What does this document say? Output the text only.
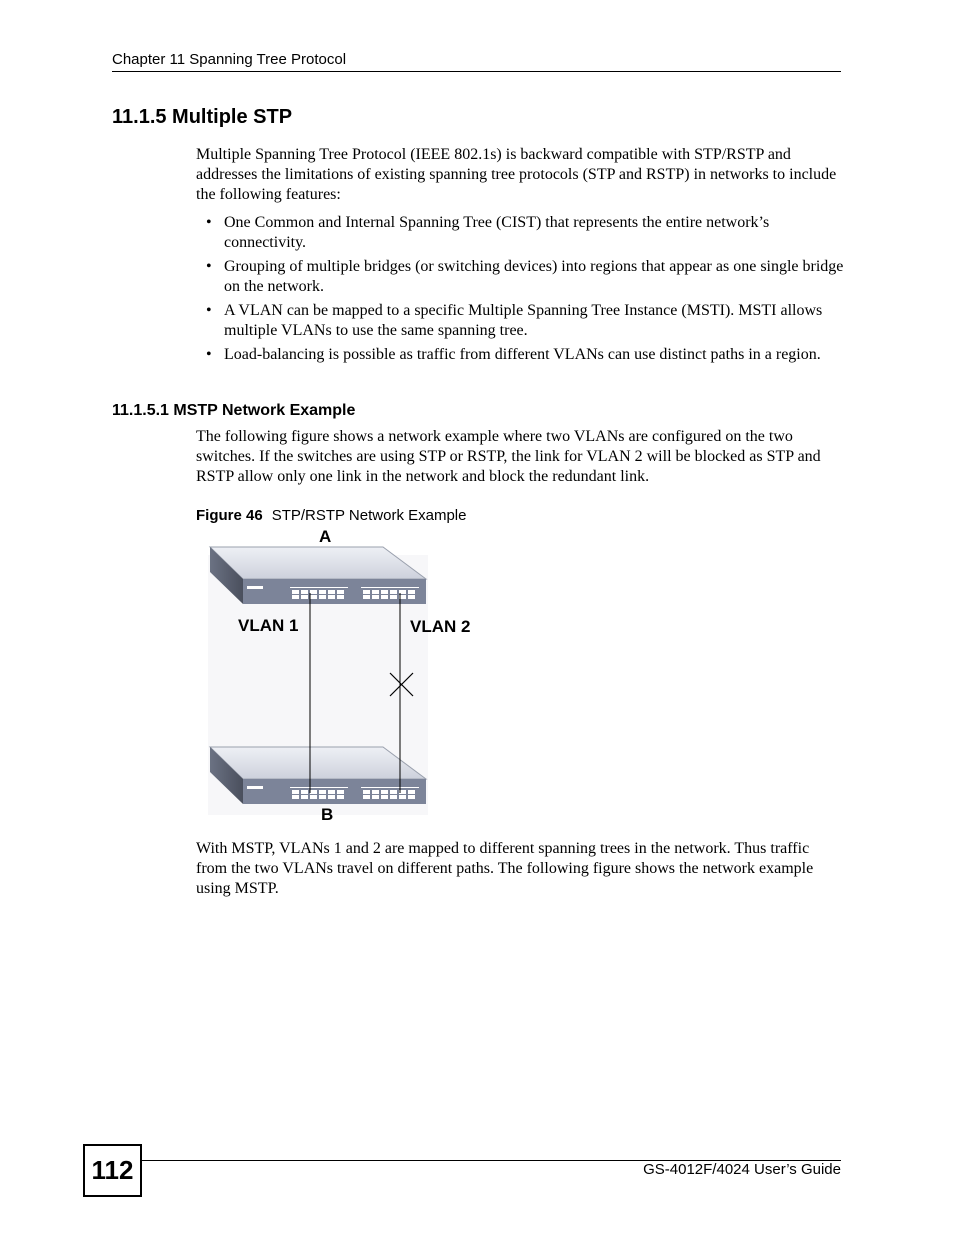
Chapter 11 Spanning Tree Protocol
11.1.5 Multiple STP

Multiple Spanning Tree Protocol (IEEE 802.1s) is backward compatible with STP/RSTP and addresses the limitations of existing spanning tree protocols (STP and RSTP) in networks to include the following features:

• One Common and Internal Spanning Tree (CIST) that represents the entire network’s connectivity.
• Grouping of multiple bridges (or switching devices) into regions that appear as one single bridge on the network.
• A VLAN can be mapped to a specific Multiple Spanning Tree Instance (MSTI). MSTI allows multiple VLANs to use the same spanning tree.
• Load-balancing is possible as traffic from different VLANs can use distinct paths in a region.
11.1.5.1 MSTP Network Example

The following figure shows a network example where two VLANs are configured on the two switches. If the switches are using STP or RSTP, the link for VLAN 2 will be blocked as STP and RSTP allow only one link in the network and block the redundant link.

Figure 46 STP/RSTP Network Example
A
VLAN 1	VLAN 2
B

With MSTP, VLANs 1 and 2 are mapped to different spanning trees in the network. Thus traffic from the two VLANs travel on different paths. The following figure shows the network example using MSTP.

112	GS-4012F/4024 User’s Guide
